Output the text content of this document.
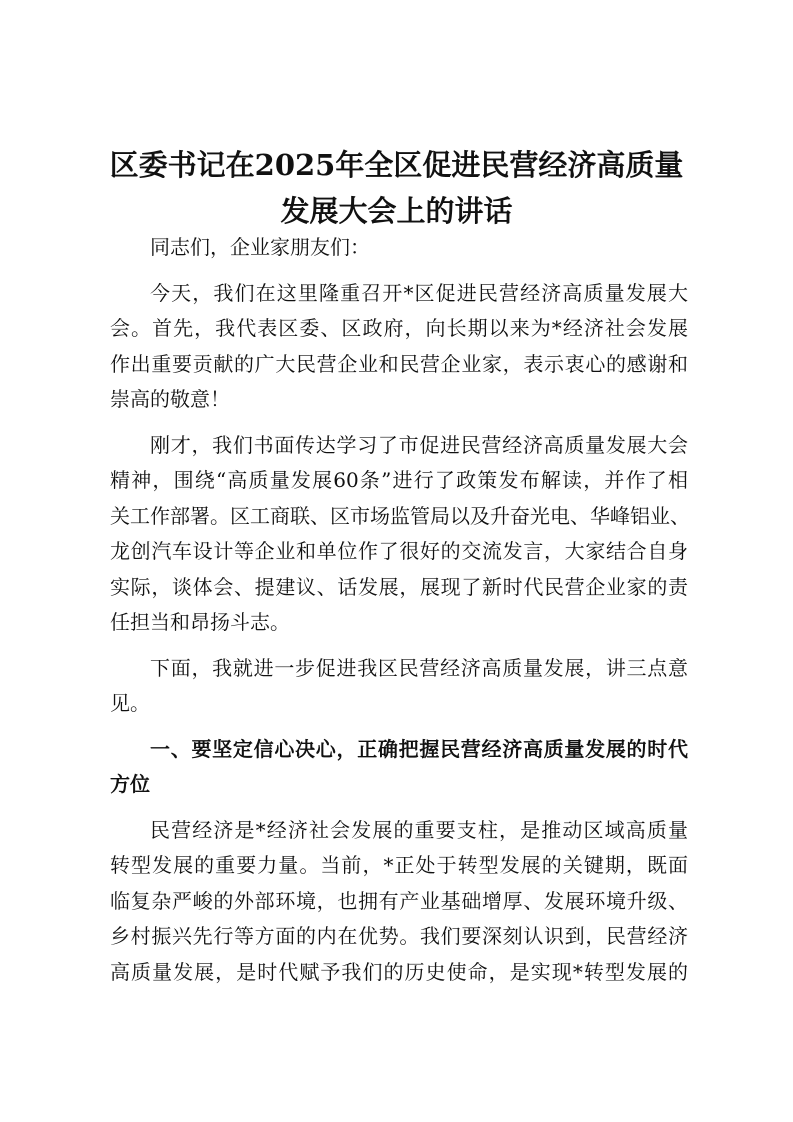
区委书记在2025年全区促进民营经济高质量
发展大会上的讲话
同志们，企业家朋友们：
今天，我们在这里隆重召开*区促进民营经济高质量发展大
会。首先，我代表区委、区政府，向长期以来为*经济社会发展
作出重要贡献的广大民营企业和民营企业家，表示衷心的感谢和
崇高的敬意！
刚才，我们书面传达学习了市促进民营经济高质量发展大会
精神，围绕“高质量发展60条”进行了政策发布解读，并作了相
关工作部署。区工商联、区市场监管局以及升奋光电、华峰铝业、
龙创汽车设计等企业和单位作了很好的交流发言，大家结合自身
实际，谈体会、提建议、话发展，展现了新时代民营企业家的责
任担当和昂扬斗志。
下面，我就进一步促进我区民营经济高质量发展，讲三点意
见。
一、要坚定信心决心，正确把握民营经济高质量发展的时代
方位
民营经济是*经济社会发展的重要支柱，是推动区域高质量
转型发展的重要力量。当前，*正处于转型发展的关键期，既面
临复杂严峻的外部环境，也拥有产业基础增厚、发展环境升级、
乡村振兴先行等方面的内在优势。我们要深刻认识到，民营经济
高质量发展，是时代赋予我们的历史使命，是实现*转型发展的
